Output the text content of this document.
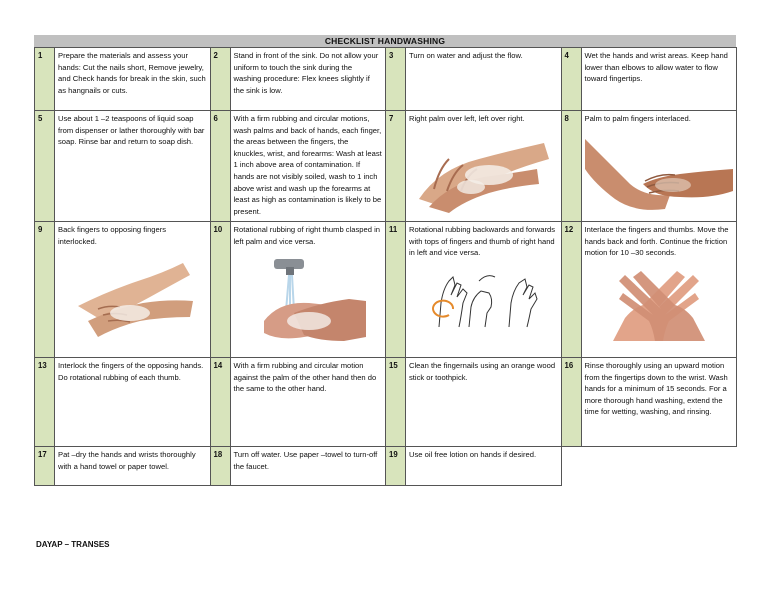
CHECKLIST HANDWASHING
1	Prepare the materials and assess your hands: Cut the nails short, Remove jewelry, and Check hands for break in the skin, such as hangnails or cuts.	2	Stand in front of the sink. Do not allow your uniform to touch the sink during the washing procedure: Flex knees slightly if the sink is low.	3	Turn on water and adjust the flow.	4	Wet the hands and wrist areas. Keep hand lower than elbows to allow water to flow toward fingertips.
5	Use about 1 –2 teaspoons of liquid soap from dispenser or lather thoroughly with bar soap. Rinse bar and return to soap dish.	6	With a firm rubbing and circular motions, wash palms and back of hands, each finger, the areas between the fingers, the knuckles, wrist, and forearms: Wash at least 1 inch above area of contamination. If hands are not visibly soiled, wash to 1 inch above wrist and wash up the forearms at least as high as contamination is likely to be present.	7	Right palm over left, left over right.	8	Palm to palm fingers interlaced.

9	Back fingers to opposing fingers interlocked.	10	Rotational rubbing of right thumb clasped in left palm and vice versa.	11	Rotational rubbing backwards and forwards with tops of fingers and thumb of right hand in left and vice versa.	12	Interlace the fingers and thumbs. Move the hands back and forth. Continue the friction motion for 10 –30 seconds.

13	Interlock the fingers of the opposing hands. Do rotational rubbing of each thumb.	14	With a firm rubbing and circular motion against the palm of the other hand then do the same to the other hand.	15	Clean the fingernails using an orange wood stick or toothpick.	16	Rinse thoroughly using an upward motion from the fingertips down to the wrist. Wash hands for a minimum of 15 seconds. For a more thorough hand washing, extend the time for wetting, washing, and rinsing.
17	Pat –dry the hands and wrists thoroughly with a hand towel or paper towel.	18	Turn off water. Use paper –towel to turn-off the faucet.	19	Use oil free lotion on hands if desired.		
DAYAP – TRANSES
